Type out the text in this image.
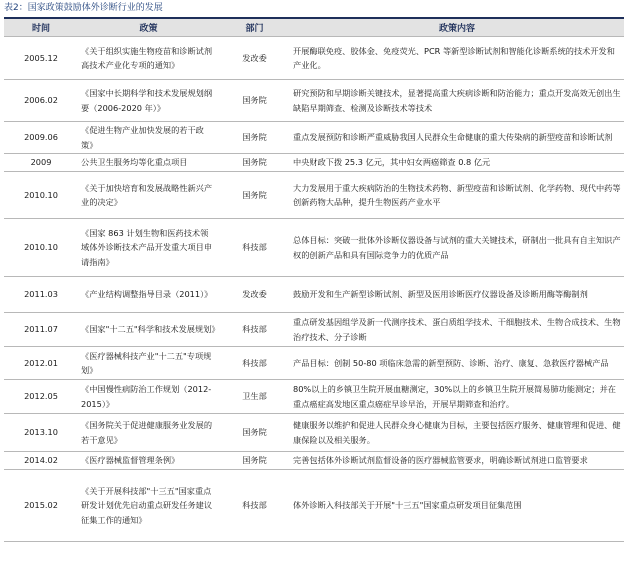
表2：国家政策鼓励体外诊断行业的发展
时间	政策	部门	政策内容
2005.12	《关于组织实施生物疫苗和诊断试剂高技术产业化专项的通知》	发改委	开展酶联免疫、胶体金、免疫荧光、PCR 等新型诊断试剂和智能化诊断系统的技术开发和产业化。
2006.02	《国家中长期科学和技术发展规划纲要（2006-2020 年）》	国务院	研究预防和早期诊断关键技术，显著提高重大疾病诊断和防治能力；重点开发高效无创出生缺陷早期筛查、检测及诊断技术等技术
2009.06	《促进生物产业加快发展的若干政策》	国务院	重点发展预防和诊断严重威胁我国人民群众生命健康的重大传染病的新型疫苗和诊断试剂
2009	公共卫生服务均等化重点项目	国务院	中央财政下拨 25.3 亿元，其中妇女两癌筛查 0.8 亿元
2010.10	《关于加快培育和发展战略性新兴产业的决定》	国务院	大力发展用于重大疾病防治的生物技术药物、新型疫苗和诊断试剂、化学药物、现代中药等创新药物大品种，提升生物医药产业水平
2010.10	《国家 863 计划生物和医药技术领域体外诊断技术产品开发重大项目申请指南》	科技部	总体目标：突破一批体外诊断仪器设备与试剂的重大关键技术，研制出一批具有自主知识产权的创新产品和具有国际竞争力的优质产品
2011.03	《产业结构调整指导目录（2011）》	发改委	鼓励开发和生产新型诊断试剂、新型及医用诊断医疗仪器设备及诊断用酶等酶制剂
2011.07	《国家"十二五"科学和技术发展规划》	科技部	重点研发基因组学及新一代测序技术、蛋白质组学技术、干细胞技术、生物合成技术、生物治疗技术、分子诊断
2012.01	《医疗器械科技产业"十二五"专项规划》	科技部	产品目标：创制 50-80 项临床急需的新型预防、诊断、治疗、康复、急救医疗器械产品
2012.05	《中国慢性病防治工作规划（2012-2015）》	卫生部	80%以上的乡镇卫生院开展血糖测定，30%以上的乡镇卫生院开展简易肺功能测定；并在重点癌症高发地区重点癌症早诊早治，开展早期筛查和治疗。
2013.10	《国务院关于促进健康服务业发展的若干意见》	国务院	健康服务以维护和促进人民群众身心健康为目标，主要包括医疗服务、健康管理和促进、健康保险以及相关服务。
2014.02	《医疗器械监督管理条例》	国务院	完善包括体外诊断试剂监督设备的医疗器械监管要求，明确诊断试剂进口监管要求
2015.02	《关于开展科技部"十三五"国家重点研发计划优先启动重点研发任务建议征集工作的通知》	科技部	体外诊断入科技部关于开展"十三五"国家重点研发项目征集范围
